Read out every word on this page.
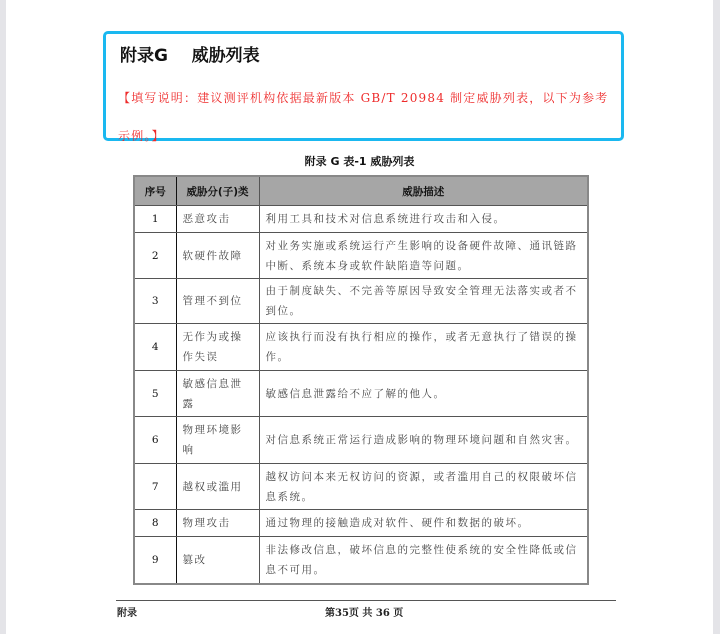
附录G    威胁列表
【填写说明：建议测评机构依据最新版本 GB/T 20984 制定威胁列表，以下为参考示例。】
附录 G 表-1 威胁列表
序号	威胁分(子)类	威胁描述
1	恶意攻击	利用工具和技术对信息系统进行攻击和入侵。
2	软硬件故障	对业务实施或系统运行产生影响的设备硬件故障、通讯链路中断、系统本身或软件缺陷造等问题。
3	管理不到位	由于制度缺失、不完善等原因导致安全管理无法落实或者不到位。
4	无作为或操作失误	应该执行而没有执行相应的操作，或者无意执行了错误的操作。
5	敏感信息泄露	敏感信息泄露给不应了解的他人。
6	物理环境影响	对信息系统正常运行造成影响的物理环境问题和自然灾害。
7	越权或滥用	越权访问本来无权访问的资源，或者滥用自己的权限破坏信息系统。
8	物理攻击	通过物理的接触造成对软件、硬件和数据的破坏。
9	篡改	非法修改信息，破坏信息的完整性使系统的安全性降低或信息不可用。
附录	第35页 共 36 页
